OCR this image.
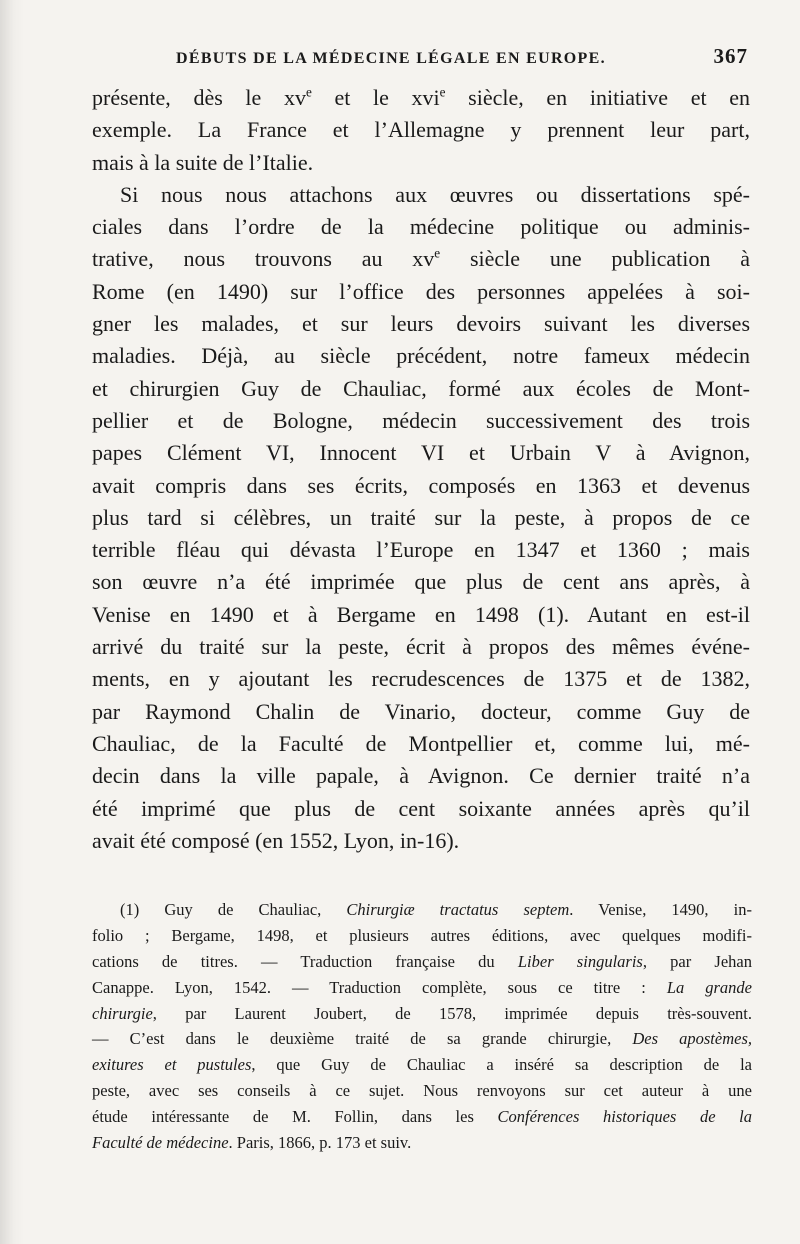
DÉBUTS DE LA MÉDECINE LÉGALE EN EUROPE.	367
présente, dès le $xv^e$ et le xvi$^e$ siècle, en initiative et en
exemple. La France et l’Allemagne y prennent leur part,
mais à la suite de l’Italie.
Si nous nous attachons aux œuvres ou dissertations spé-
ciales dans l’ordre de la médecine politique ou adminis-
trative, nous trouvons au $xv^e$ siècle une publication à
Rome (en 1490) sur l’office des personnes appelées à soi-
gner les malades, et sur leurs devoirs suivant les diverses
maladies. Déjà, au siècle précédent, notre fameux médecin
et chirurgien Guy de Chauliac, formé aux écoles de Mont-
pellier et de Bologne, médecin successivement des trois
papes Clément VI, Innocent VI et Urbain V à Avignon,
avait compris dans ses écrits, composés en 1363 et devenus
plus tard si célèbres, un traité sur la peste, à propos de ce
terrible fléau qui dévasta l’Europe en 1347 et 1360 ; mais
son œuvre n’a été imprimée que plus de cent ans après, à
Venise en 1490 et à Bergame en 1498 (1). Autant en est-il
arrivé du traité sur la peste, écrit à propos des mêmes événe-
ments, en y ajoutant les recrudescences de 1375 et de 1382,
par Raymond Chalin de Vinario, docteur, comme Guy de
Chauliac, de la Faculté de Montpellier et, comme lui, mé-
decin dans la ville papale, à Avignon. Ce dernier traité n’a
été imprimé que plus de cent soixante années après qu’il
avait été composé (en 1552, Lyon, in-16).
(1) Guy de Chauliac, Chirurgiæ tractatus septem. Venise, 1490, in-
folio ; Bergame, 1498, et plusieurs autres éditions, avec quelques modifi-
cations de titres. — Traduction française du Liber singularis, par Jehan
Canappe. Lyon, 1542. — Traduction complète, sous ce titre : La grande
chirurgie, par Laurent Joubert, de 1578, imprimée depuis très-souvent.
— C’est dans le deuxième traité de sa grande chirurgie, Des apostèmes,
exitures et pustules, que Guy de Chauliac a inséré sa description de la
peste, avec ses conseils à ce sujet. Nous renvoyons sur cet auteur à une
étude intéressante de M. Follin, dans les Conférences historiques de la
Faculté de médecine. Paris, 1866, p. 173 et suiv.
